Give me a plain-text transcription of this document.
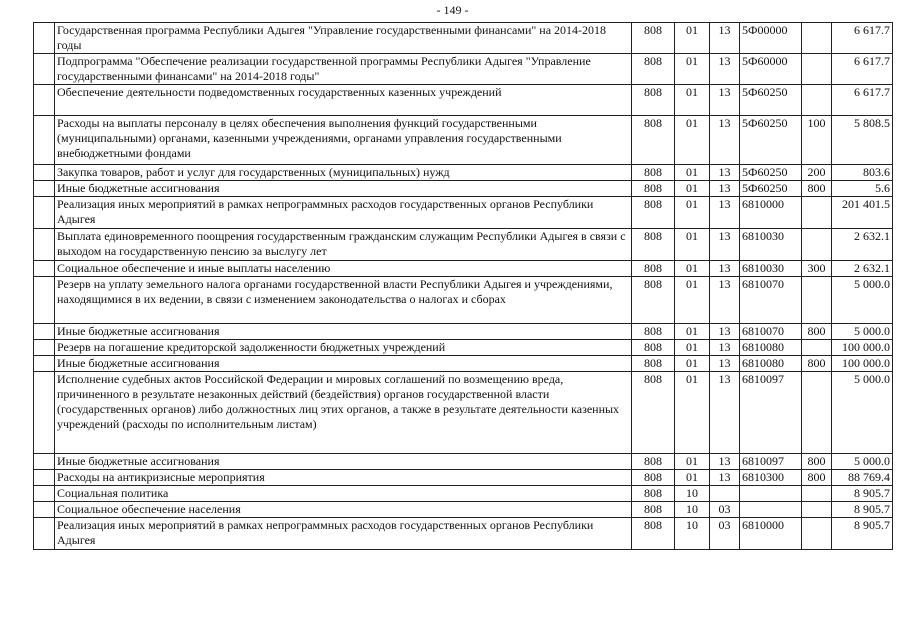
- 149 -
	Государственная программа Республики Адыгея "Управление государственными финансами" на 2014-2018 годы	808	01	13	5Ф00000		6 617.7
	Подпрограмма "Обеспечение реализации государственной программы Республики Адыгея "Управление государственными финансами" на 2014-2018 годы"	808	01	13	5Ф60000		6 617.7
	Обеспечение деятельности подведомственных государственных казенных учреждений	808	01	13	5Ф60250		6 617.7
	Расходы на выплаты персоналу в целях обеспечения выполнения функций государственными (муниципальными) органами, казенными учреждениями, органами управления государственными внебюджетными фондами	808	01	13	5Ф60250	100	5 808.5
	Закупка товаров, работ и услуг для государственных (муниципальных) нужд	808	01	13	5Ф60250	200	803.6
	Иные бюджетные ассигнования	808	01	13	5Ф60250	800	5.6
	Реализация иных мероприятий в рамках непрограммных расходов государственных органов Республики Адыгея	808	01	13	6810000		201 401.5
	Выплата единовременного поощрения государственным гражданским служащим Республики Адыгея в связи с выходом на государственную пенсию за выслугу лет	808	01	13	6810030		2 632.1
	Социальное обеспечение и иные выплаты населению	808	01	13	6810030	300	2 632.1
	Резерв на уплату земельного налога органами государственной власти Республики Адыгея и учреждениями, находящимися в их ведении, в связи с изменением законодательства о налогах и сборах	808	01	13	6810070		5 000.0
	Иные бюджетные ассигнования	808	01	13	6810070	800	5 000.0
	Резерв на погашение кредиторской задолженности бюджетных учреждений	808	01	13	6810080		100 000.0
	Иные бюджетные ассигнования	808	01	13	6810080	800	100 000.0
	Исполнение судебных актов Российской Федерации и мировых соглашений по возмещению вреда, причиненного в результате незаконных действий (бездействия) органов государственной власти (государственных органов) либо должностных лиц этих органов, а также в результате деятельности казенных учреждений (расходы по исполнительным листам)	808	01	13	6810097		5 000.0
	Иные бюджетные ассигнования	808	01	13	6810097	800	5 000.0
	Расходы на антикризисные мероприятия	808	01	13	6810300	800	88 769.4
	Социальная политика	808	10				8 905.7
	Социальное обеспечение населения	808	10	03			8 905.7
	Реализация иных мероприятий в рамках непрограммных расходов государственных органов Республики Адыгея	808	10	03	6810000		8 905.7
